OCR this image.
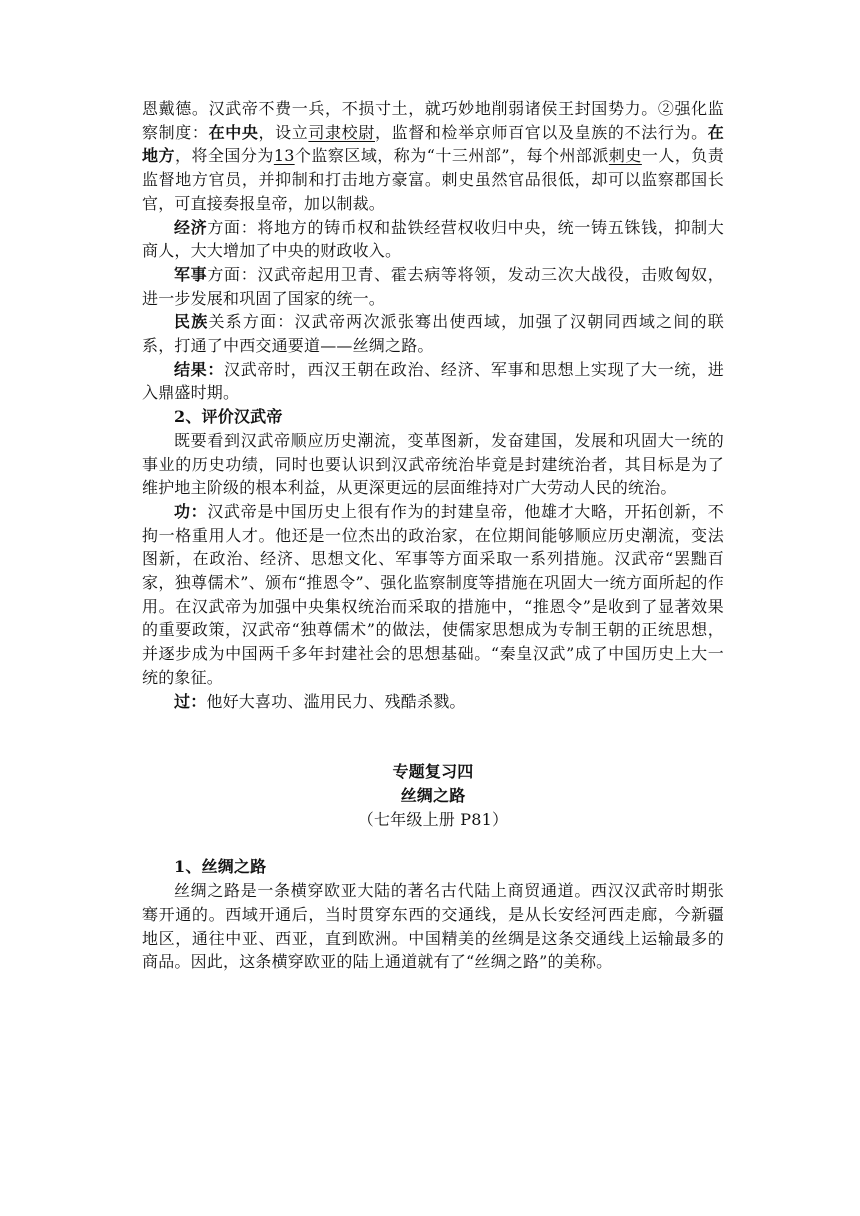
恩戴德。汉武帝不费一兵，不损寸土，就巧妙地削弱诸侯王封国势力。②强化监察制度：在中央，设立司隶校尉，监督和检举京师百官以及皇族的不法行为。在地方，将全国分为13个监察区域，称为“十三州部”，每个州部派刺史一人，负责监督地方官员，并抑制和打击地方豪富。刺史虽然官品很低，却可以监察郡国长官，可直接奏报皇帝，加以制裁。

经济方面：将地方的铸币权和盐铁经营权收归中央，统一铸五铢钱，抑制大商人，大大增加了中央的财政收入。

军事方面：汉武帝起用卫青、霍去病等将领，发动三次大战役，击败匈奴，进一步发展和巩固了国家的统一。

民族关系方面：汉武帝两次派张骞出使西域，加强了汉朝同西域之间的联系，打通了中西交通要道——丝绸之路。

结果：汉武帝时，西汉王朝在政治、经济、军事和思想上实现了大一统，进入鼎盛时期。

2、评价汉武帝

既要看到汉武帝顺应历史潮流，变革图新，发奋建国，发展和巩固大一统的事业的历史功绩，同时也要认识到汉武帝统治毕竟是封建统治者，其目标是为了维护地主阶级的根本利益，从更深更远的层面维持对广大劳动人民的统治。

功：汉武帝是中国历史上很有作为的封建皇帝，他雄才大略，开拓创新，不拘一格重用人才。他还是一位杰出的政治家，在位期间能够顺应历史潮流，变法图新，在政治、经济、思想文化、军事等方面采取一系列措施。汉武帝“罢黜百家，独尊儒术”、颁布“推恩令”、强化监察制度等措施在巩固大一统方面所起的作用。在汉武帝为加强中央集权统治而采取的措施中，“推恩令”是收到了显著效果的重要政策，汉武帝“独尊儒术”的做法，使儒家思想成为专制王朝的正统思想，并逐步成为中国两千多年封建社会的思想基础。“秦皇汉武”成了中国历史上大一统的象征。

过：他好大喜功、滥用民力、残酷杀戮。

专题复习四

丝绸之路

（七年级上册 P81）

1、丝绸之路

丝绸之路是一条横穿欧亚大陆的著名古代陆上商贸通道。西汉汉武帝时期张骞开通的。西域开通后，当时贯穿东西的交通线，是从长安经河西走廊，今新疆地区，通往中亚、西亚，直到欧洲。中国精美的丝绸是这条交通线上运输最多的商品。因此，这条横穿欧亚的陆上通道就有了“丝绸之路”的美称。
